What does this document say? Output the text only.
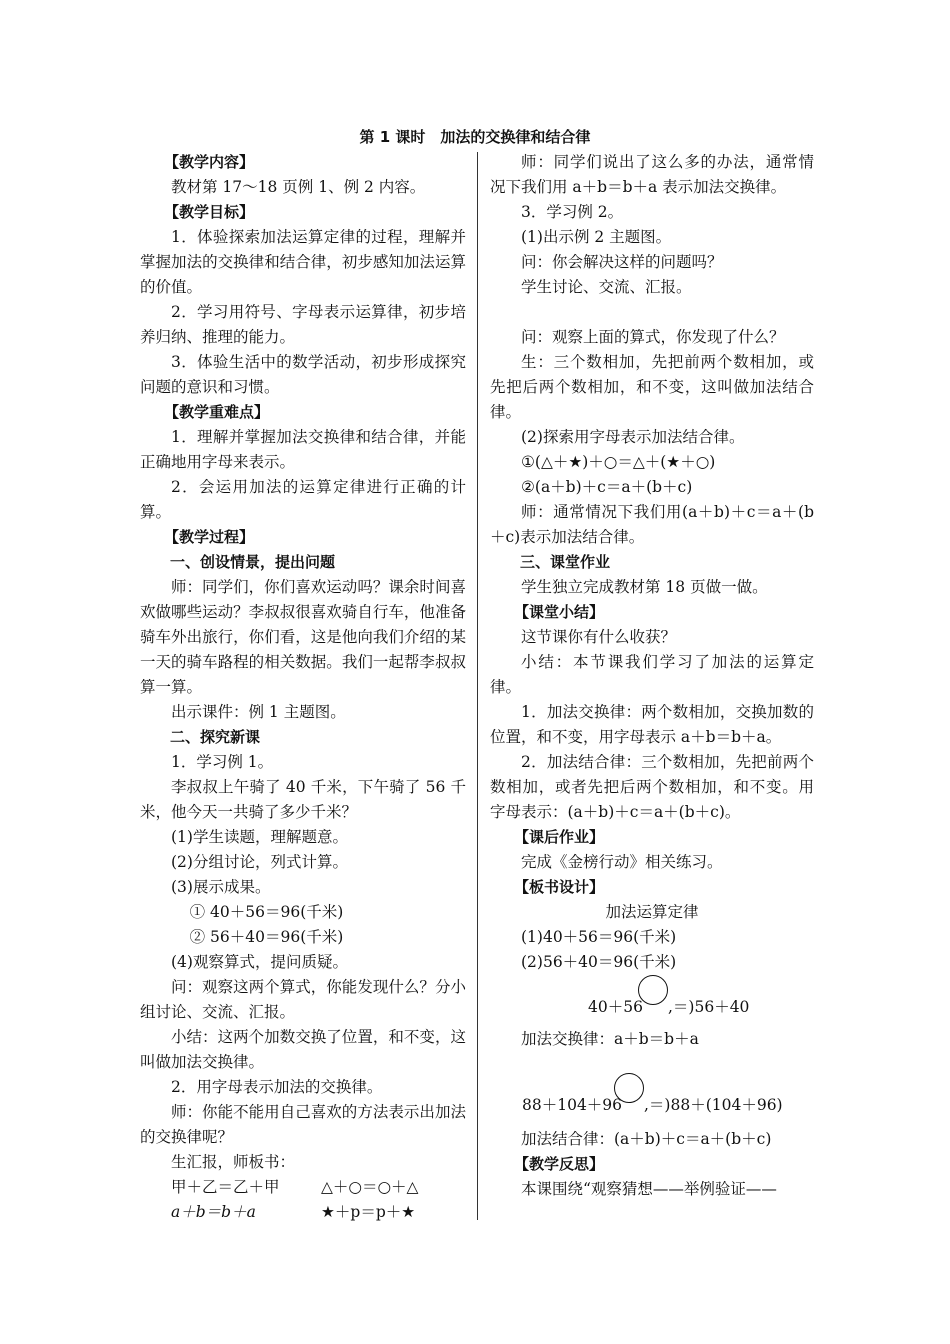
第 1 课时　加法的交换律和结合律

【教学内容】

教材第 17～18 页例 1、例 2 内容。

【教学目标】

1．体验探索加法运算定律的过程，理解并掌握加法的交换律和结合律，初步感知加法运算的价值。

2．学习用符号、字母表示运算律，初步培养归纳、推理的能力。

3．体验生活中的数学活动，初步形成探究问题的意识和习惯。

【教学重难点】

1．理解并掌握加法交换律和结合律，并能正确地用字母来表示。

2．会运用加法的运算定律进行正确的计算。

【教学过程】

一、创设情景，提出问题

师：同学们，你们喜欢运动吗？课余时间喜欢做哪些运动？李叔叔很喜欢骑自行车，他准备骑车外出旅行，你们看，这是他向我们介绍的某一天的骑车路程的相关数据。我们一起帮李叔叔算一算。

出示课件：例 1 主题图。

二、探究新课

1．学习例 1。

李叔叔上午骑了 40 千米，下午骑了 56 千米，他今天一共骑了多少千米？

(1)学生读题，理解题意。

(2)分组讨论，列式计算。

(3)展示成果。

① 40＋56＝96(千米)

② 56＋40＝96(千米)

(4)观察算式，提问质疑。

问：观察这两个算式，你能发现什么？分小组讨论、交流、汇报。

小结：这两个加数交换了位置，和不变，这叫做加法交换律。

2．用字母表示加法的交换律。

师：你能不能用自己喜欢的方法表示出加法的交换律呢？

生汇报，师板书：

甲＋乙＝乙＋甲	△＋○＝○＋△
a＋b＝b＋a	★＋p＝p＋★

师：同学们说出了这么多的办法，通常情况下我们用 a＋b＝b＋a 表示加法交换律。

3．学习例 2。

(1)出示例 2 主题图。

问：你会解决这样的问题吗？

学生讨论、交流、汇报。

问：观察上面的算式，你发现了什么？

生：三个数相加，先把前两个数相加，或先把后两个数相加，和不变，这叫做加法结合律。

(2)探索用字母表示加法结合律。

①(△＋★)＋○＝△＋(★＋○)

②(a＋b)＋c＝a＋(b＋c)

师：通常情况下我们用(a＋b)＋c＝a＋(b＋c)表示加法结合律。

三、课堂作业

学生独立完成教材第 18 页做一做。

【课堂小结】

这节课你有什么收获？

小结：本节课我们学习了加法的运算定律。

1．加法交换律：两个数相加，交换加数的位置，和不变，用字母表示 a＋b＝b＋a。

2．加法结合律：三个数相加，先把前两个数相加，或者先把后两个数相加，和不变。用字母表示：(a＋b)＋c＝a＋(b＋c)。

【课后作业】

完成《金榜行动》相关练习。

【板书设计】

加法运算定律

(1)40＋56＝96(千米)

(2)56＋40＝96(千米)

40＋56 ,＝)56＋40

加法交换律：a＋b＝b＋a

88＋104＋96 ,＝)88＋(104＋96)

加法结合律：(a＋b)＋c＝a＋(b＋c)

【教学反思】

本课围绕“观察猜想——举例验证——
